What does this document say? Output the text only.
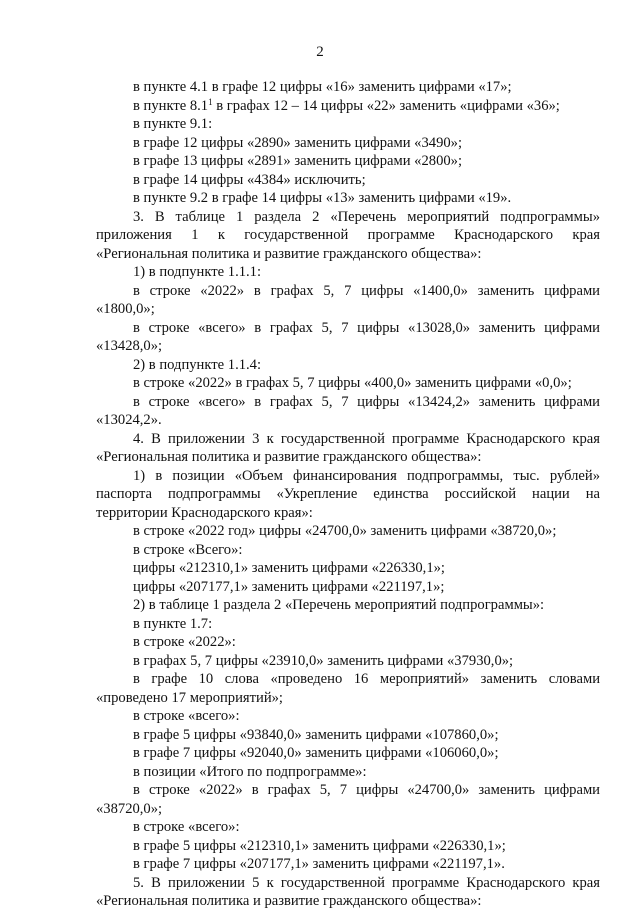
2
в пункте 4.1 в графе 12 цифры «16» заменить цифрами «17»;
в пункте $8.1^1$ в графах 12 – 14 цифры «22» заменить «цифрами «36»;
в пункте 9.1:
в графе 12 цифры «2890» заменить цифрами «3490»;
в графе 13 цифры «2891» заменить цифрами «2800»;
в графе 14 цифры «4384» исключить;
в пункте 9.2 в графе 14 цифры «13» заменить цифрами «19».
3. В таблице 1 раздела 2 «Перечень мероприятий подпрограммы»
приложения 1 к государственной программе Краснодарского края
«Региональная политика и развитие гражданского общества»:
1) в подпункте 1.1.1:
в строке «2022» в графах 5, 7 цифры «1400,0» заменить цифрами
«1800,0»;
в строке «всего» в графах 5, 7 цифры «13028,0» заменить цифрами
«13428,0»;
2) в подпункте 1.1.4:
в строке «2022» в графах 5, 7 цифры «400,0» заменить цифрами «0,0»;
в строке «всего» в графах 5, 7 цифры «13424,2» заменить цифрами
«13024,2».
4. В приложении 3 к государственной программе Краснодарского края
«Региональная политика и развитие гражданского общества»:
1) в позиции «Объем финансирования подпрограммы, тыс. рублей»
паспорта подпрограммы «Укрепление единства российской нации на
территории Краснодарского края»:
в строке «2022 год» цифры «24700,0» заменить цифрами «38720,0»;
в строке «Всего»:
цифры «212310,1» заменить цифрами «226330,1»;
цифры «207177,1» заменить цифрами «221197,1»;
2) в таблице 1 раздела 2 «Перечень мероприятий подпрограммы»:
в пункте 1.7:
в строке «2022»:
в графах 5, 7 цифры «23910,0» заменить цифрами «37930,0»;
в графе 10 слова «проведено 16 мероприятий» заменить словами
«проведено 17 мероприятий»;
в строке «всего»:
в графе 5 цифры «93840,0» заменить цифрами «107860,0»;
в графе 7 цифры «92040,0» заменить цифрами «106060,0»;
в позиции «Итого по подпрограмме»:
в строке «2022» в графах 5, 7 цифры «24700,0» заменить цифрами
«38720,0»;
в строке «всего»:
в графе 5 цифры «212310,1» заменить цифрами «226330,1»;
в графе 7 цифры «207177,1» заменить цифрами «221197,1».
5. В приложении 5 к государственной программе Краснодарского края
«Региональная политика и развитие гражданского общества»:
